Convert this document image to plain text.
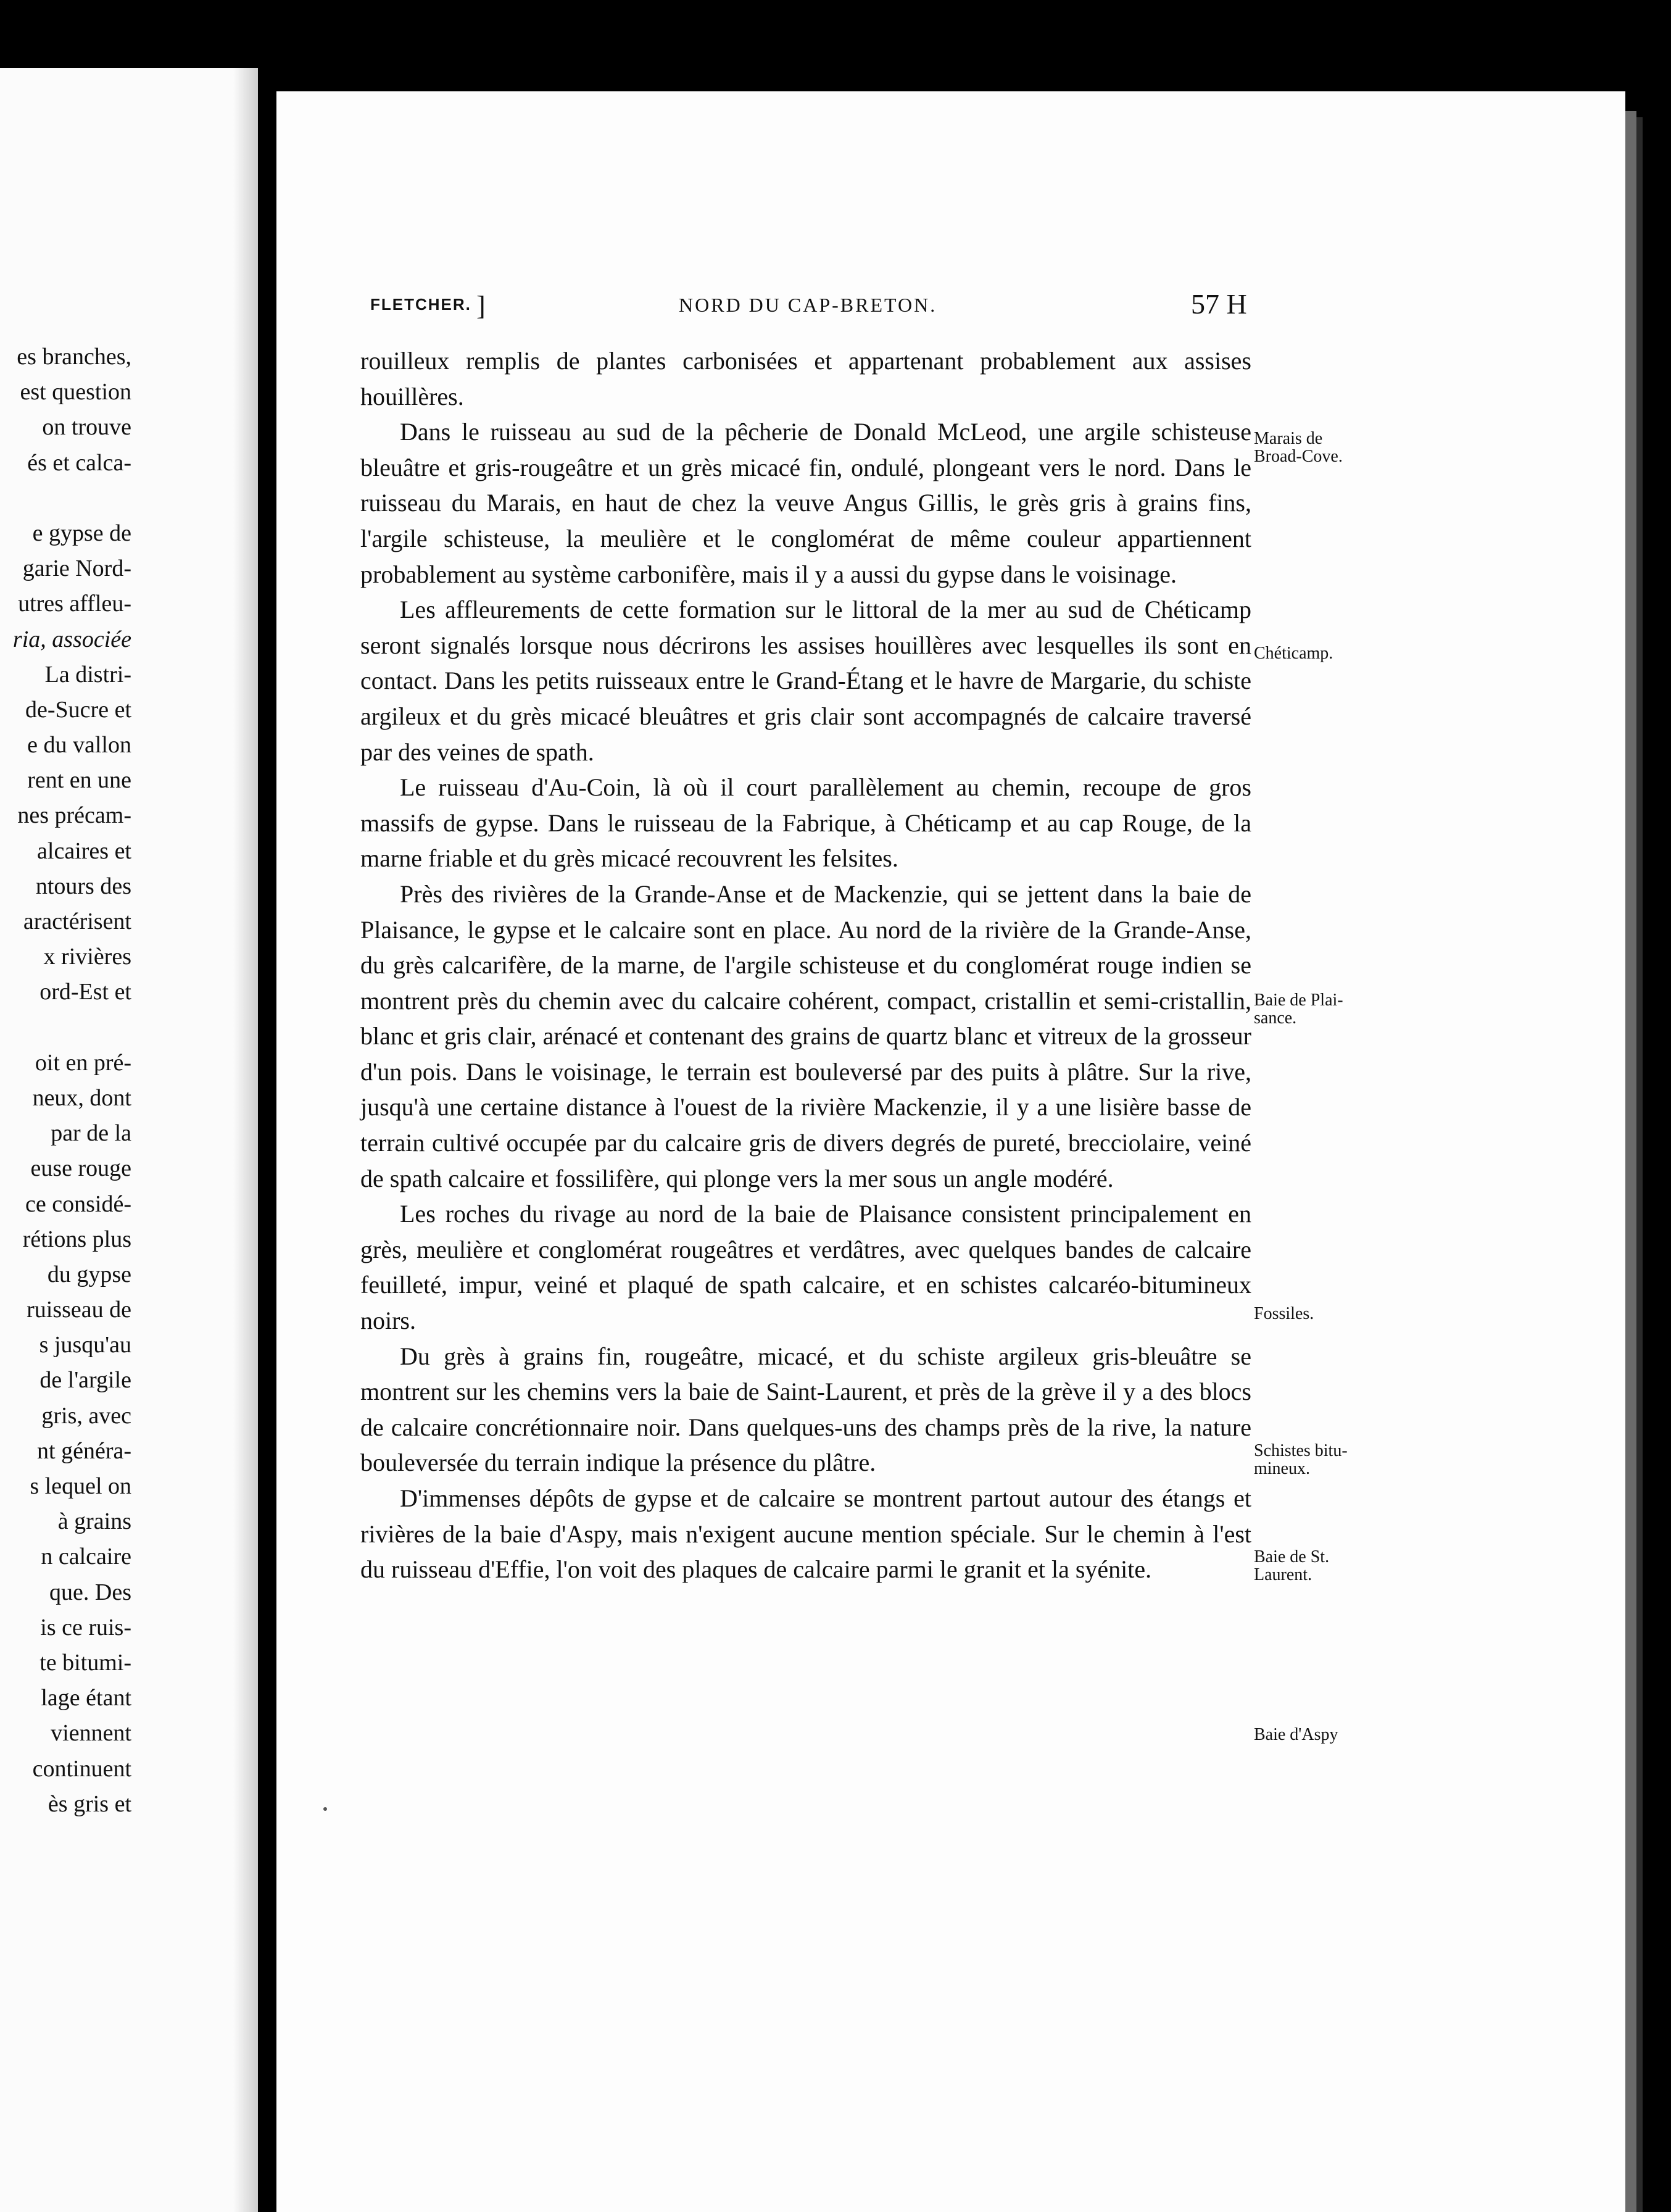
es branches,
est question
on trouve
és et calca-
e gypse de
garie Nord-
utres affleu-
ria, associée
La distri-
de-Sucre et
e du vallon
rent en une
nes précam-
alcaires et
ntours des
aractérisent
x rivières
ord-Est et
oit en pré-
neux, dont
par de la
euse rouge
ce considé-
rétions plus
du gypse
ruisseau de
s jusqu'au
de l'argile
gris, avec
nt généra-
s lequel on
à grains
n calcaire
que. Des
is ce ruis-
te bitumi-
lage étant
viennent
continuent
ès gris et
FLETCHER. ]	NORD DU CAP-BRETON.	57 H

rouilleux remplis de plantes carbonisées et appartenant probablement aux assises houillères.

Dans le ruisseau au sud de la pêcherie de Donald McLeod, une argile schisteuse bleuâtre et gris-rougeâtre et un grès micacé fin, ondulé, plongeant vers le nord. Dans le ruisseau du Marais, en haut de chez la veuve Angus Gillis, le grès gris à grains fins, l'argile schisteuse, la meulière et le conglomérat de même couleur appartiennent probablement au système carbonifère, mais il y a aussi du gypse dans le voisinage.

Les affleurements de cette formation sur le littoral de la mer au sud de Chéticamp seront signalés lorsque nous décrirons les assises houillères avec lesquelles ils sont en contact. Dans les petits ruisseaux entre le Grand-Étang et le havre de Margarie, du schiste argileux et du grès micacé bleuâtres et gris clair sont accompagnés de calcaire traversé par des veines de spath.

Le ruisseau d'Au-Coin, là où il court parallèlement au chemin, recoupe de gros massifs de gypse. Dans le ruisseau de la Fabrique, à Chéticamp et au cap Rouge, de la marne friable et du grès micacé recouvrent les felsites.

Près des rivières de la Grande-Anse et de Mackenzie, qui se jettent dans la baie de Plaisance, le gypse et le calcaire sont en place. Au nord de la rivière de la Grande-Anse, du grès calcarifère, de la marne, de l'argile schisteuse et du conglomérat rouge indien se montrent près du chemin avec du calcaire cohérent, compact, cristallin et semi-cristallin, blanc et gris clair, arénacé et contenant des grains de quartz blanc et vitreux de la grosseur d'un pois. Dans le voisinage, le terrain est bouleversé par des puits à plâtre. Sur la rive, jusqu'à une certaine distance à l'ouest de la rivière Mackenzie, il y a une lisière basse de terrain cultivé occupée par du calcaire gris de divers degrés de pureté, brecciolaire, veiné de spath calcaire et fossilifère, qui plonge vers la mer sous un angle modéré.

Les roches du rivage au nord de la baie de Plaisance consistent principalement en grès, meulière et conglomérat rougeâtres et verdâtres, avec quelques bandes de calcaire feuilleté, impur, veiné et plaqué de spath calcaire, et en schistes calcaréo-bitumineux noirs.

Du grès à grains fin, rougeâtre, micacé, et du schiste argileux gris-bleuâtre se montrent sur les chemins vers la baie de Saint-Laurent, et près de la grève il y a des blocs de calcaire concrétionnaire noir. Dans quelques-uns des champs près de la rive, la nature bouleversée du terrain indique la présence du plâtre.

D'immenses dépôts de gypse et de calcaire se montrent partout autour des étangs et rivières de la baie d'Aspy, mais n'exigent aucune mention spéciale. Sur le chemin à l'est du ruisseau d'Effie, l'on voit des plaques de calcaire parmi le granit et la syénite.

Marais de
Broad-Cove.
Chéticamp.
Baie de Plai-
sance.
Fossiles.
Schistes bitu-
mineux.
Baie de St.
Laurent.
Baie d'Aspy
